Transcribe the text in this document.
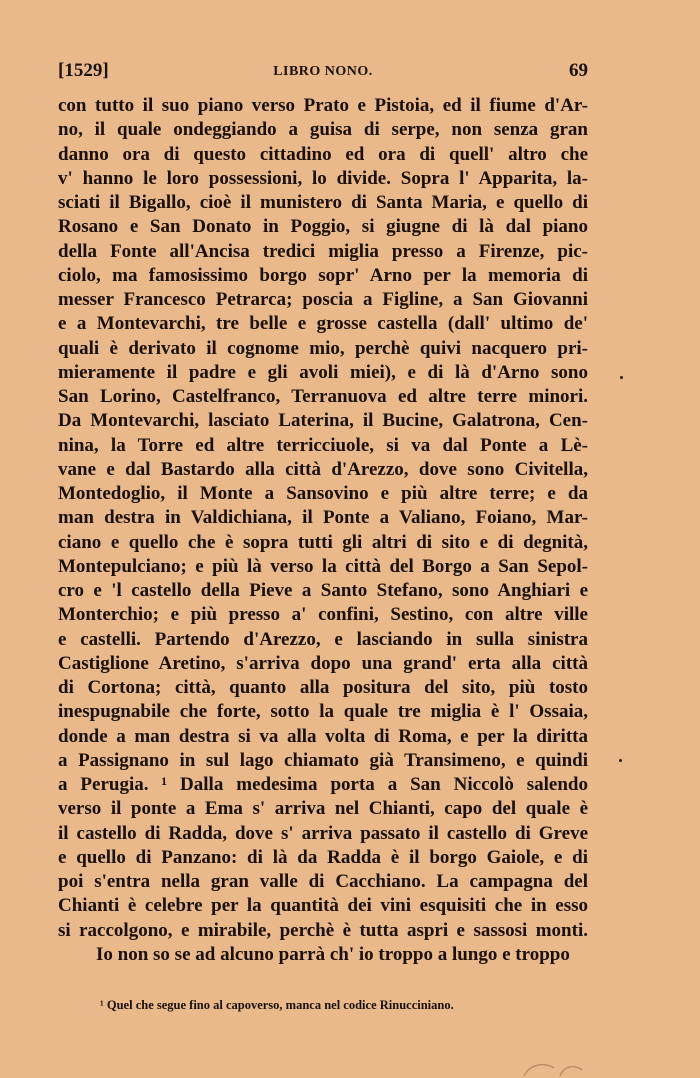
[1529]	LIBRO NONO.	69
con tutto il suo piano verso Prato e Pistoia, ed il fiume d'Ar-
no, il quale ondeggiando a guisa di serpe, non senza gran
danno ora di questo cittadino ed ora di quell' altro che
v' hanno le loro possessioni, lo divide. Sopra l' Apparita, la-
sciati il Bigallo, cioè il munistero di Santa Maria, e quello di
Rosano e San Donato in Poggio, si giugne di là dal piano
della Fonte all'Ancisa tredici miglia presso a Firenze, pic-
ciolo, ma famosissimo borgo sopr' Arno per la memoria di
messer Francesco Petrarca; poscia a Figline, a San Giovanni
e a Montevarchi, tre belle e grosse castella (dall' ultimo de'
quali è derivato il cognome mio, perchè quivi nacquero pri-
mieramente il padre e gli avoli miei), e di là d'Arno sono
San Lorino, Castelfranco, Terranuova ed altre terre minori.
Da Montevarchi, lasciato Laterina, il Bucine, Galatrona, Cen-
nina, la Torre ed altre terricciuole, si va dal Ponte a Lè-
vane e dal Bastardo alla città d'Arezzo, dove sono Civitella,
Montedoglio, il Monte a Sansovino e più altre terre; e da
man destra in Valdichiana, il Ponte a Valiano, Foiano, Mar-
ciano e quello che è sopra tutti gli altri di sito e di degnità,
Montepulciano; e più là verso la città del Borgo a San Sepol-
cro e 'l castello della Pieve a Santo Stefano, sono Anghiari e
Monterchio; e più presso a' confini, Sestino, con altre ville
e castelli. Partendo d'Arezzo, e lasciando in sulla sinistra
Castiglione Aretino, s'arriva dopo una grand' erta alla città
di Cortona; città, quanto alla positura del sito, più tosto
inespugnabile che forte, sotto la quale tre miglia è l' Ossaia,
donde a man destra si va alla volta di Roma, e per la diritta
a Passignano in sul lago chiamato già Transimeno, e quindi
a Perugia. ¹ Dalla medesima porta a San Niccolò salendo
verso il ponte a Ema s' arriva nel Chianti, capo del quale è
il castello di Radda, dove s' arriva passato il castello di Greve
e quello di Panzano: di là da Radda è il borgo Gaiole, e di
poi s'entra nella gran valle di Cacchiano. La campagna del
Chianti è celebre per la quantità dei vini esquisiti che in esso
si raccolgono, e mirabile, perchè è tutta aspri e sassosi monti.
Io non so se ad alcuno parrà ch' io troppo a lungo e troppo
¹ Quel che segue fino al capoverso, manca nel codice Rinucciniano.
